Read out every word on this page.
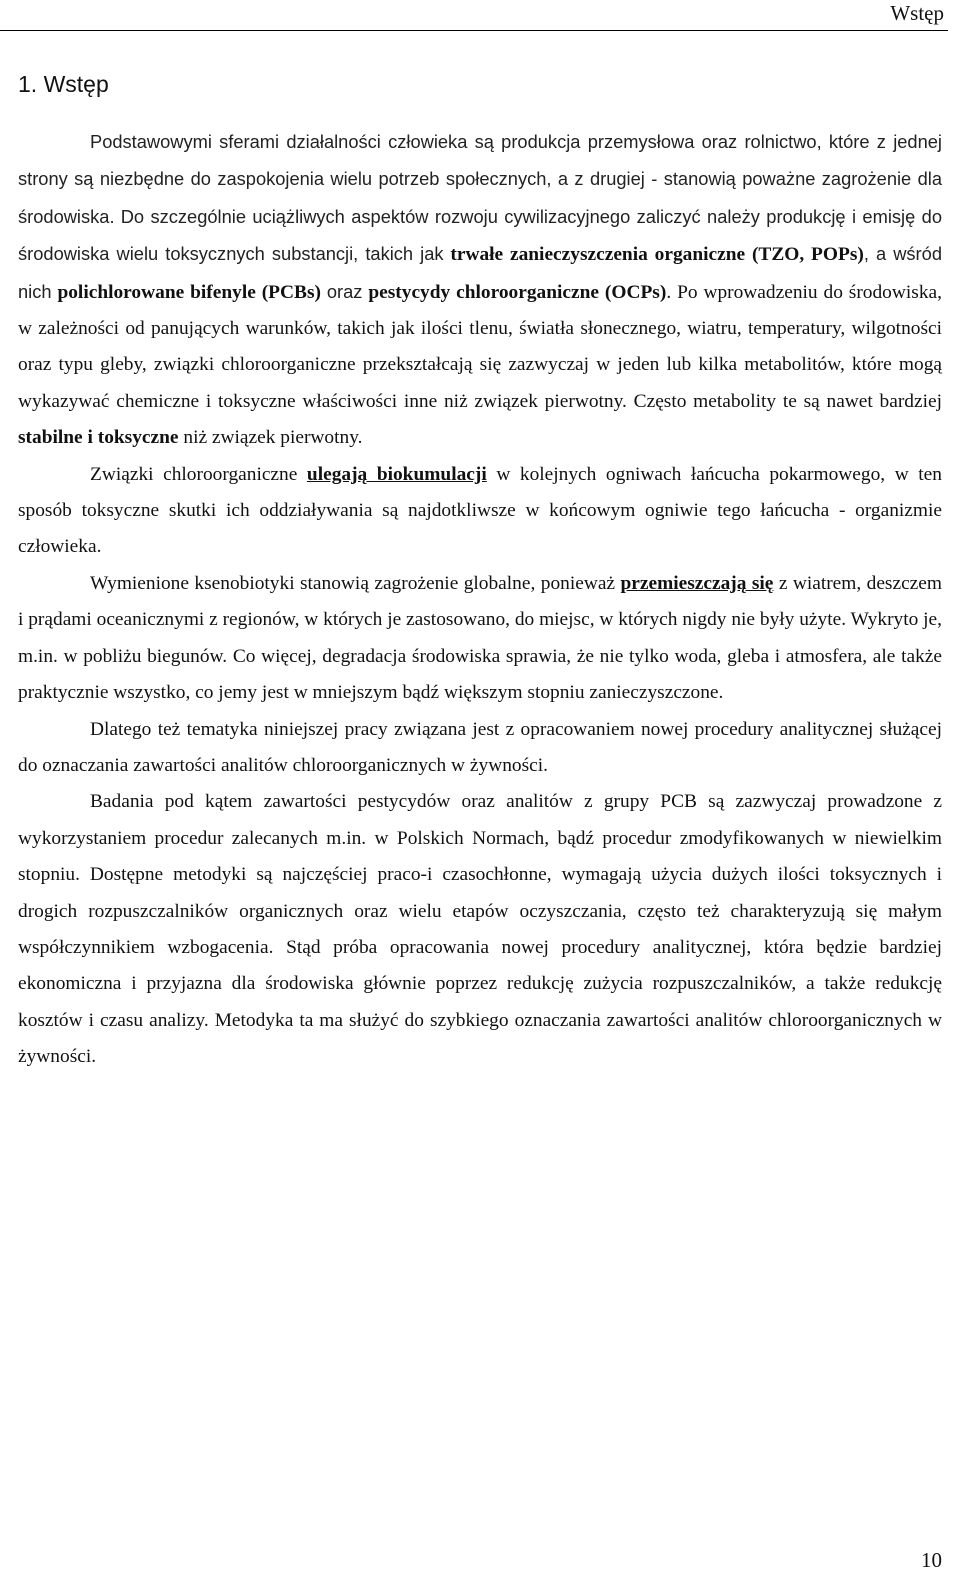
Wstęp
1. Wstęp

Podstawowymi sferami działalności człowieka są produkcja przemysłowa oraz rolnictwo, które z jednej strony są niezbędne do zaspokojenia wielu potrzeb społecznych, a z drugiej - stanowią poważne zagrożenie dla środowiska. Do szczególnie uciążliwych aspektów rozwoju cywilizacyjnego zaliczyć należy produkcję i emisję do środowiska wielu toksycznych substancji, takich jak trwałe zanieczyszczenia organiczne (TZO, POPs), a wśród nich polichlorowane bifenyle (PCBs) oraz pestycydy chloroorganiczne (OCPs). Po wprowadzeniu do środowiska, w zależności od panujących warunków, takich jak ilości tlenu, światła słonecznego, wiatru, temperatury, wilgotności oraz typu gleby, związki chloroorganiczne przekształcają się zazwyczaj w jeden lub kilka metabolitów, które mogą wykazywać chemiczne i toksyczne właściwości inne niż związek pierwotny. Często metabolity te są nawet bardziej stabilne i toksyczne niż związek pierwotny.

Związki chloroorganiczne ulegają biokumulacji w kolejnych ogniwach łańcucha pokarmowego, w ten sposób toksyczne skutki ich oddziaływania są najdotkliwsze w końcowym ogniwie tego łańcucha - organizmie człowieka.

Wymienione ksenobiotyki stanowią zagrożenie globalne, ponieważ przemieszczają się z wiatrem, deszczem i prądami oceanicznymi z regionów, w których je zastosowano, do miejsc, w których nigdy nie były użyte. Wykryto je, m.in. w pobliżu biegunów. Co więcej, degradacja środowiska sprawia, że nie tylko woda, gleba i atmosfera, ale także praktycznie wszystko, co jemy jest w mniejszym bądź większym stopniu zanieczyszczone.

Dlatego też tematyka niniejszej pracy związana jest z opracowaniem nowej procedury analitycznej służącej do oznaczania zawartości analitów chloroorganicznych w żywności.

Badania pod kątem zawartości pestycydów oraz analitów z grupy PCB są zazwyczaj prowadzone z wykorzystaniem procedur zalecanych m.in. w Polskich Normach, bądź procedur zmodyfikowanych w niewielkim stopniu. Dostępne metodyki są najczęściej praco-i czasochłonne, wymagają użycia dużych ilości toksycznych i drogich rozpuszczalników organicznych oraz wielu etapów oczyszczania, często też charakteryzują się małym współczynnikiem wzbogacenia. Stąd próba opracowania nowej procedury analitycznej, która będzie bardziej ekonomiczna i przyjazna dla środowiska głównie poprzez redukcję zużycia rozpuszczalników, a także redukcję kosztów i czasu analizy. Metodyka ta ma służyć do szybkiego oznaczania zawartości analitów chloroorganicznych w żywności.

10
